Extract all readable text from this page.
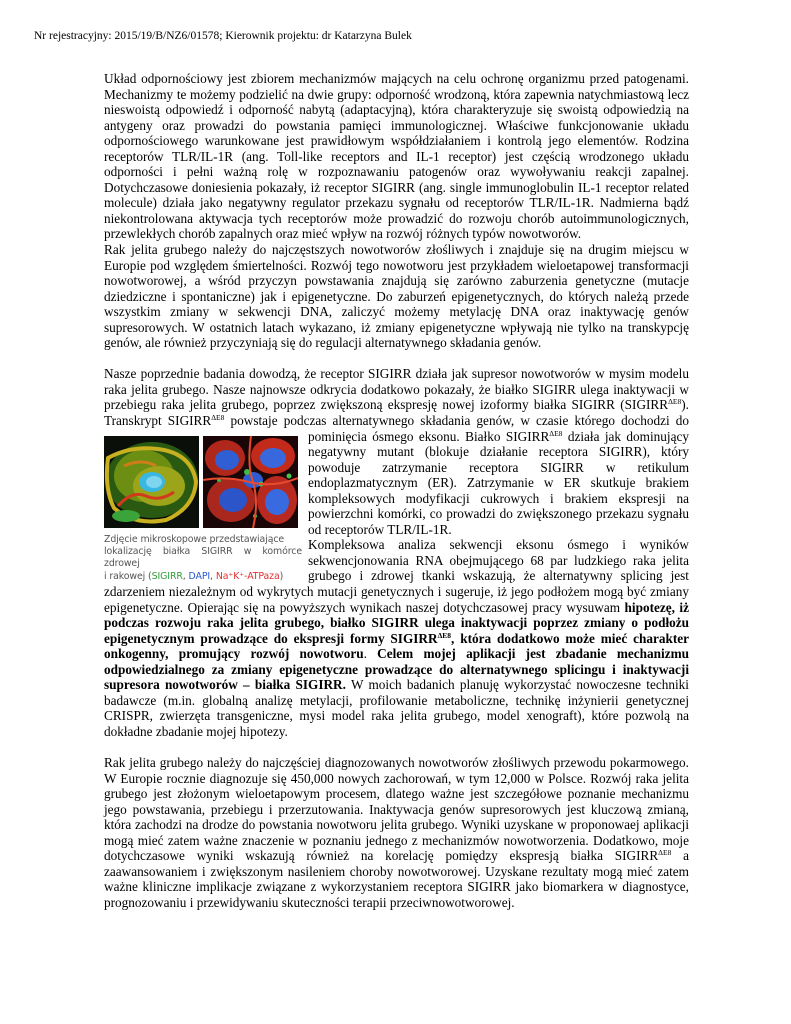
Nr rejestracyjny: 2015/19/B/NZ6/01578; Kierownik projektu: dr Katarzyna Bulek

Układ odpornościowy jest zbiorem mechanizmów mających na celu ochronę organizmu przed patogenami. Mechanizmy te możemy podzielić na dwie grupy: odporność wrodzoną, która zapewnia natychmiastową lecz nieswoistą odpowiedź i odporność nabytą (adaptacyjną), która charakteryzuje się swoistą odpowiedzią na antygeny oraz prowadzi do powstania pamięci immunologicznej. Właściwe funkcjonowanie układu odpornościowego warunkowane jest prawidłowym współdziałaniem i kontrolą jego elementów. Rodzina receptorów TLR/IL-1R (ang. Toll-like receptors and IL-1 receptor) jest częścią wrodzonego układu odporności i pełni ważną rolę w rozpoznawaniu patogenów oraz wywoływaniu reakcji zapalnej. Dotychczasowe doniesienia pokazały, iż receptor SIGIRR (ang. single immunoglobulin IL-1 receptor related molecule) działa jako negatywny regulator przekazu sygnału od receptorów TLR/IL-1R. Nadmierna bądź niekontrolowana aktywacja tych receptorów może prowadzić do rozwoju chorób autoimmunologicznych, przewlekłych chorób zapalnych oraz mieć wpływ na rozwój różnych typów nowotworów.

Rak jelita grubego należy do najczęstszych nowotworów złośliwych i znajduje się na drugim miejscu w Europie pod względem śmiertelności. Rozwój tego nowotworu jest przykładem wieloetapowej transformacji nowotworowej, a wśród przyczyn powstawania znajdują się zarówno zaburzenia genetyczne (mutacje dziedziczne i spontaniczne) jak i epigenetyczne. Do zaburzeń epigenetycznych, do których należą przede wszystkim zmiany w sekwencji DNA, zaliczyć możemy metylację DNA oraz inaktywację genów supresorowych. W ostatnich latach wykazano, iż zmiany epigenetyczne wpływają nie tylko na transkypcję genów, ale również przyczyniają się do regulacji alternatywnego składania genów.

Nasze poprzednie badania dowodzą, że receptor SIGIRR działa jak supresor nowotworów w mysim modelu raka jelita grubego. Nasze najnowsze odkrycia dodatkowo pokazały, że białko SIGIRR ulega inaktywacji w przebiegu raka jelita grubego, poprzez zwiększoną ekspresję nowej izoformy białka SIGIRR $(SIGIRR^{\Delta E8})$. Transkrypt $SIGIRR^{\Delta E8}$ powstaje podczas alternatywnego składania genów, w czasie którego dochodzi do pominięcia ósmego eksonu. Białko SIGIRR
Zdjęcie mikroskopowe przedstawiające
lokalizację białka SIGIRR w komórce zdrowej
i rakowej (SIGIRR, DAPI, Na⁺K⁺-ATPaza)
$^{\Delta E8}$ działa jak dominujący negatywny mutant (blokuje działanie receptora SIGIRR), który powoduje zatrzymanie receptora SIGIRR w retikulum endoplazmatycznym (ER). Zatrzymanie w ER skutkuje brakiem kompleksowych modyfikacji cukrowych i brakiem ekspresji na powierzchni komórki, co prowadzi do zwiększonego przekazu sygnału od receptorów TLR/IL-1R.

Kompleksowa analiza sekwencji eksonu ósmego i wyników sekwencjonowania RNA obejmującego 68 par ludzkiego raka jelita grubego i zdrowej tkanki wskazują, że alternatywny splicing jest zdarzeniem niezależnym od wykrytych mutacji genetycznych i sugeruje, iż jego podłożem mogą być zmiany epigenetyczne. Opierając się na powyższych wynikach naszej dotychczasowej pracy wysuwam hipotezę, iż podczas rozwoju raka jelita grubego, białko SIGIRR ulega inaktywacji poprzez zmiany o podłożu epigenetycznym prowadzące do ekspresji formy $SIGIRR^{\Delta E8}$, która dodatkowo może mieć charakter onkogenny, promujący rozwój nowotworu. Celem mojej aplikacji jest zbadanie mechanizmu odpowiedzialnego za zmiany epigenetyczne prowadzące do alternatywnego splicingu i inaktywacji supresora nowotworów – białka SIGIRR. W moich badanich planuję wykorzystać nowoczesne techniki badawcze (m.in. globalną analizę metylacji, profilowanie metaboliczne, technikę inżynierii genetycznej CRISPR, zwierzęta transgeniczne, mysi model raka jelita grubego, model xenograft), które pozwolą na dokładne zbadanie mojej hipotezy.

Rak jelita grubego należy do najczęściej diagnozowanych nowotworów złośliwych przewodu pokarmowego. W Europie rocznie diagnozuje się 450,000 nowych zachorowań, w tym 12,000 w Polsce. Rozwój raka jelita grubego jest złożonym wieloetapowym procesem, dlatego ważne jest szczegółowe poznanie mechanizmu jego powstawania, przebiegu i przerzutowania. Inaktywacja genów supresorowych jest kluczową zmianą, która zachodzi na drodze do powstania nowotworu jelita grubego. Wyniki uzyskane w proponowaej aplikacji mogą mieć zatem ważne znaczenie w poznaniu jednego z mechanizmów nowotworzenia. Dodatkowo, moje dotychczasowe wyniki wskazują również na korelację pomiędzy ekspresją białka $SIGIRR^{\Delta E8}$ a zaawansowaniem i zwiększonym nasileniem choroby nowotworowej. Uzyskane rezultaty mogą mieć zatem ważne kliniczne implikacje związane z wykorzystaniem receptora SIGIRR jako biomarkera w diagnostyce, prognozowaniu i przewidywaniu skuteczności terapii przeciwnowotworowej.
